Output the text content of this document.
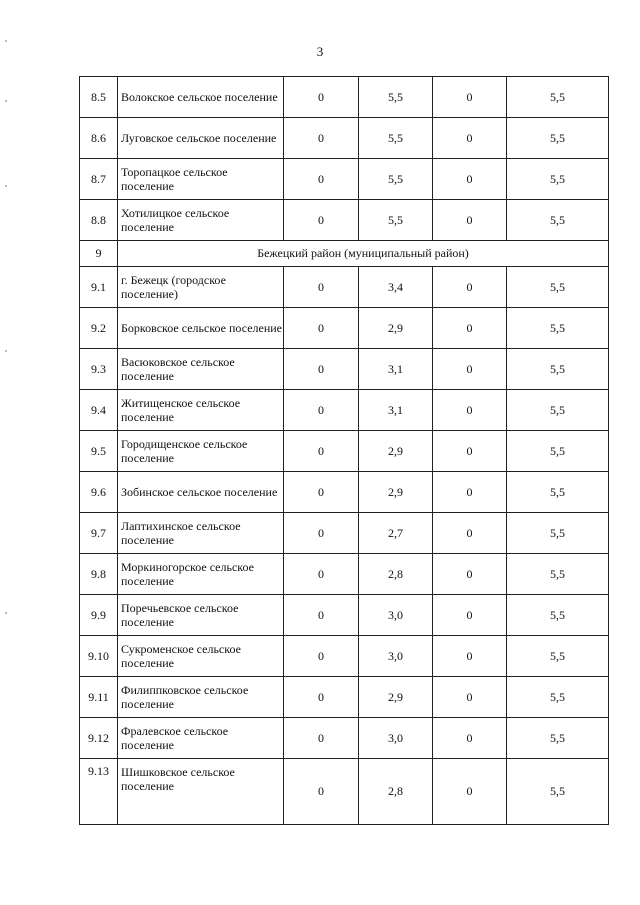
3
8.5	Волокское сельское поселение	0	5,5	0	5,5
8.6	Луговское сельское поселение	0	5,5	0	5,5
8.7	Торопацкое сельское поселение	0	5,5	0	5,5
8.8	Хотилицкое сельское поселение	0	5,5	0	5,5
9	Бежецкий район (муниципальный район)				
9.1	г. Бежецк (городское поселение)	0	3,4	0	5,5
9.2	Борковское сельское поселение	0	2,9	0	5,5
9.3	Васюковское сельское поселение	0	3,1	0	5,5
9.4	Житищенское сельское поселение	0	3,1	0	5,5
9.5	Городищенское сельское поселение	0	2,9	0	5,5
9.6	Зобинское сельское поселение	0	2,9	0	5,5
9.7	Лаптихинское сельское поселение	0	2,7	0	5,5
9.8	Моркиногорское сельское поселение	0	2,8	0	5,5
9.9	Поречьевское сельское поселение	0	3,0	0	5,5
9.10	Сукроменское сельское поселение	0	3,0	0	5,5
9.11	Филиппковское сельское поселение	0	2,9	0	5,5
9.12	Фралевское сельское поселение	0	3,0	0	5,5
9.13	Шишковское сельское поселение	0	2,8	0	5,5
